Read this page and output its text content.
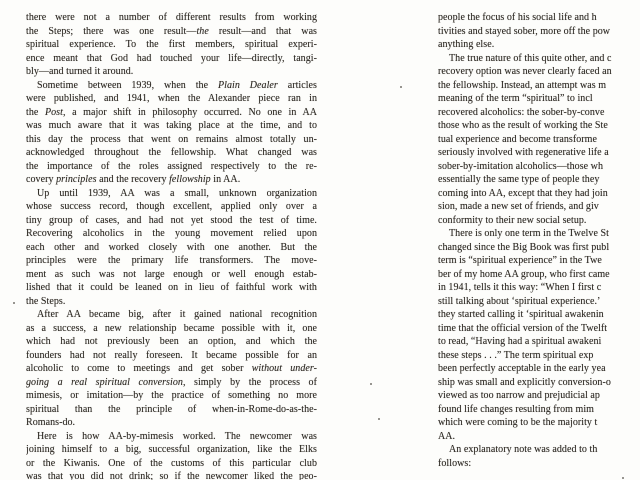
there were not a number of different results from working
the Steps; there was one result—the result—and that was
spiritual experience. To the first members, spiritual experi-
ence meant that God had touched your life—directly, tangi-
bly—and turned it around.
Sometime between 1939, when the Plain Dealer articles
were published, and 1941, when the Alexander piece ran in
the Post, a major shift in philosophy occurred. No one in AA
was much aware that it was taking place at the time, and to
this day the process that went on remains almost totally un-
acknowledged throughout the fellowship. What changed was
the importance of the roles assigned respectively to the re-
covery principles and the recovery fellowship in AA.
Up until 1939, AA was a small, unknown organization
whose success record, though excellent, applied only over a
tiny group of cases, and had not yet stood the test of time.
Recovering alcoholics in the young movement relied upon
each other and worked closely with one another. But the
principles were the primary life transformers. The move-
ment as such was not large enough or well enough estab-
lished that it could be leaned on in lieu of faithful work with
the Steps.
After AA became big, after it gained national recognition
as a success, a new relationship became possible with it, one
which had not previously been an option, and which the
founders had not really foreseen. It became possible for an
alcoholic to come to meetings and get sober without under-
going a real spiritual conversion, simply by the process of
mimesis, or imitation—by the practice of something no more
spiritual than the principle of when-in-Rome-do-as-the-
Romans-do.
Here is how AA-by-mimesis worked. The newcomer was
joining himself to a big, successful organization, like the Elks
or the Kiwanis. One of the customs of this particular club
was that you did not drink; so if the newcomer liked the peo-
people the focus of his social life and h
tivities and stayed sober, more off the pow
anything else.
The true nature of this quite other, and c
recovery option was never clearly faced an
the fellowship. Instead, an attempt was m
meaning of the term “spiritual” to incl
recovered alcoholics: the sober-by-conve
those who as the result of working the Ste
tual experience and become transforme
seriously involved with regenerative life a
sober-by-imitation alcoholics—those wh
essentially the same type of people they
coming into AA, except that they had join
sion, made a new set of friends, and giv
conformity to their new social setup.
There is only one term in the Twelve St
changed since the Big Book was first publ
term is “spiritual experience” in the Twe
ber of my home AA group, who first came
in 1941, tells it this way: “When I first c
still talking about ‘spiritual experience.’
they started calling it ‘spiritual awakenin
time that the official version of the Twelft
to read, “Having had a spiritual awakeni
these steps . . .” The term spiritual exp
been perfectly acceptable in the early yea
ship was small and explicitly conversion-o
viewed as too narrow and prejudicial ap
found life changes resulting from mim
which were coming to be the majority t
AA.
An explanatory note was added to th
follows:
